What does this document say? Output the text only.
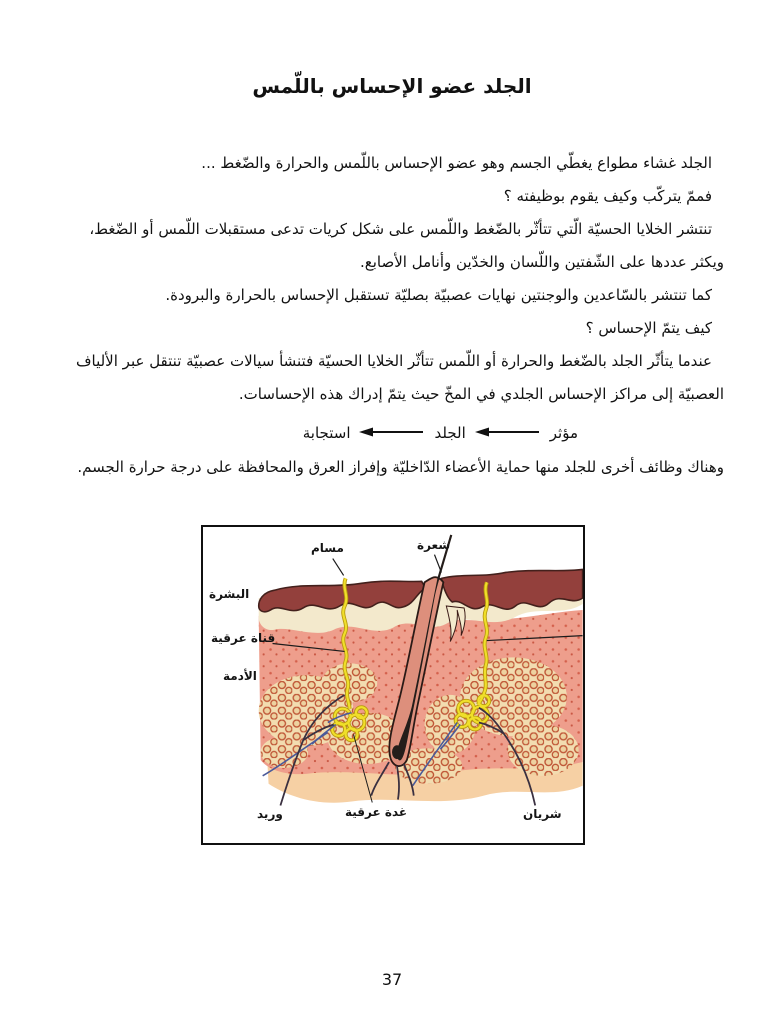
الجلد عضو الإحساس باللّمس
الجلد غشاء مطواع يغطّي الجسم وهو عضو الإحساس باللّمس والحرارة والضّغط ...
فممّ يتركّب وكيف يقوم بوظيفته ؟
تنتشر الخلايا الحسيّة الّتي تتأثّر بالضّغط واللّمس على شكل كريات تدعى مستقبلات اللّمس أو الضّغط،
ويكثر عددها على الشّفتين واللّسان والخدّين وأنامل الأصابع.
كما تنتشر بالسّاعدين والوجنتين نهايات عصبيّة بصليّة تستقبل الإحساس بالحرارة والبرودة.
كيف يتمّ الإحساس ؟
عندما يتأثّر الجلد بالضّغط والحرارة أو اللّمس تتأثّر الخلايا الحسيّة فتنشأ سيالات عصبيّة تنتقل عبر الألياف
العصبيّة إلى مراكز الإحساس الجلدي في المخّ حيث يتمّ إدراك هذه الإحساسات.
مؤثر
الجلد
استجابة
وهناك وظائف أخرى للجلد منها حماية الأعضاء الدّاخليّة وإفراز العرق والمحافظة على درجة حرارة الجسم.
مسام	شعرة
البشرة
قناة عرقية
الأدمة
وريد	غدة عرقية	شريان
37
